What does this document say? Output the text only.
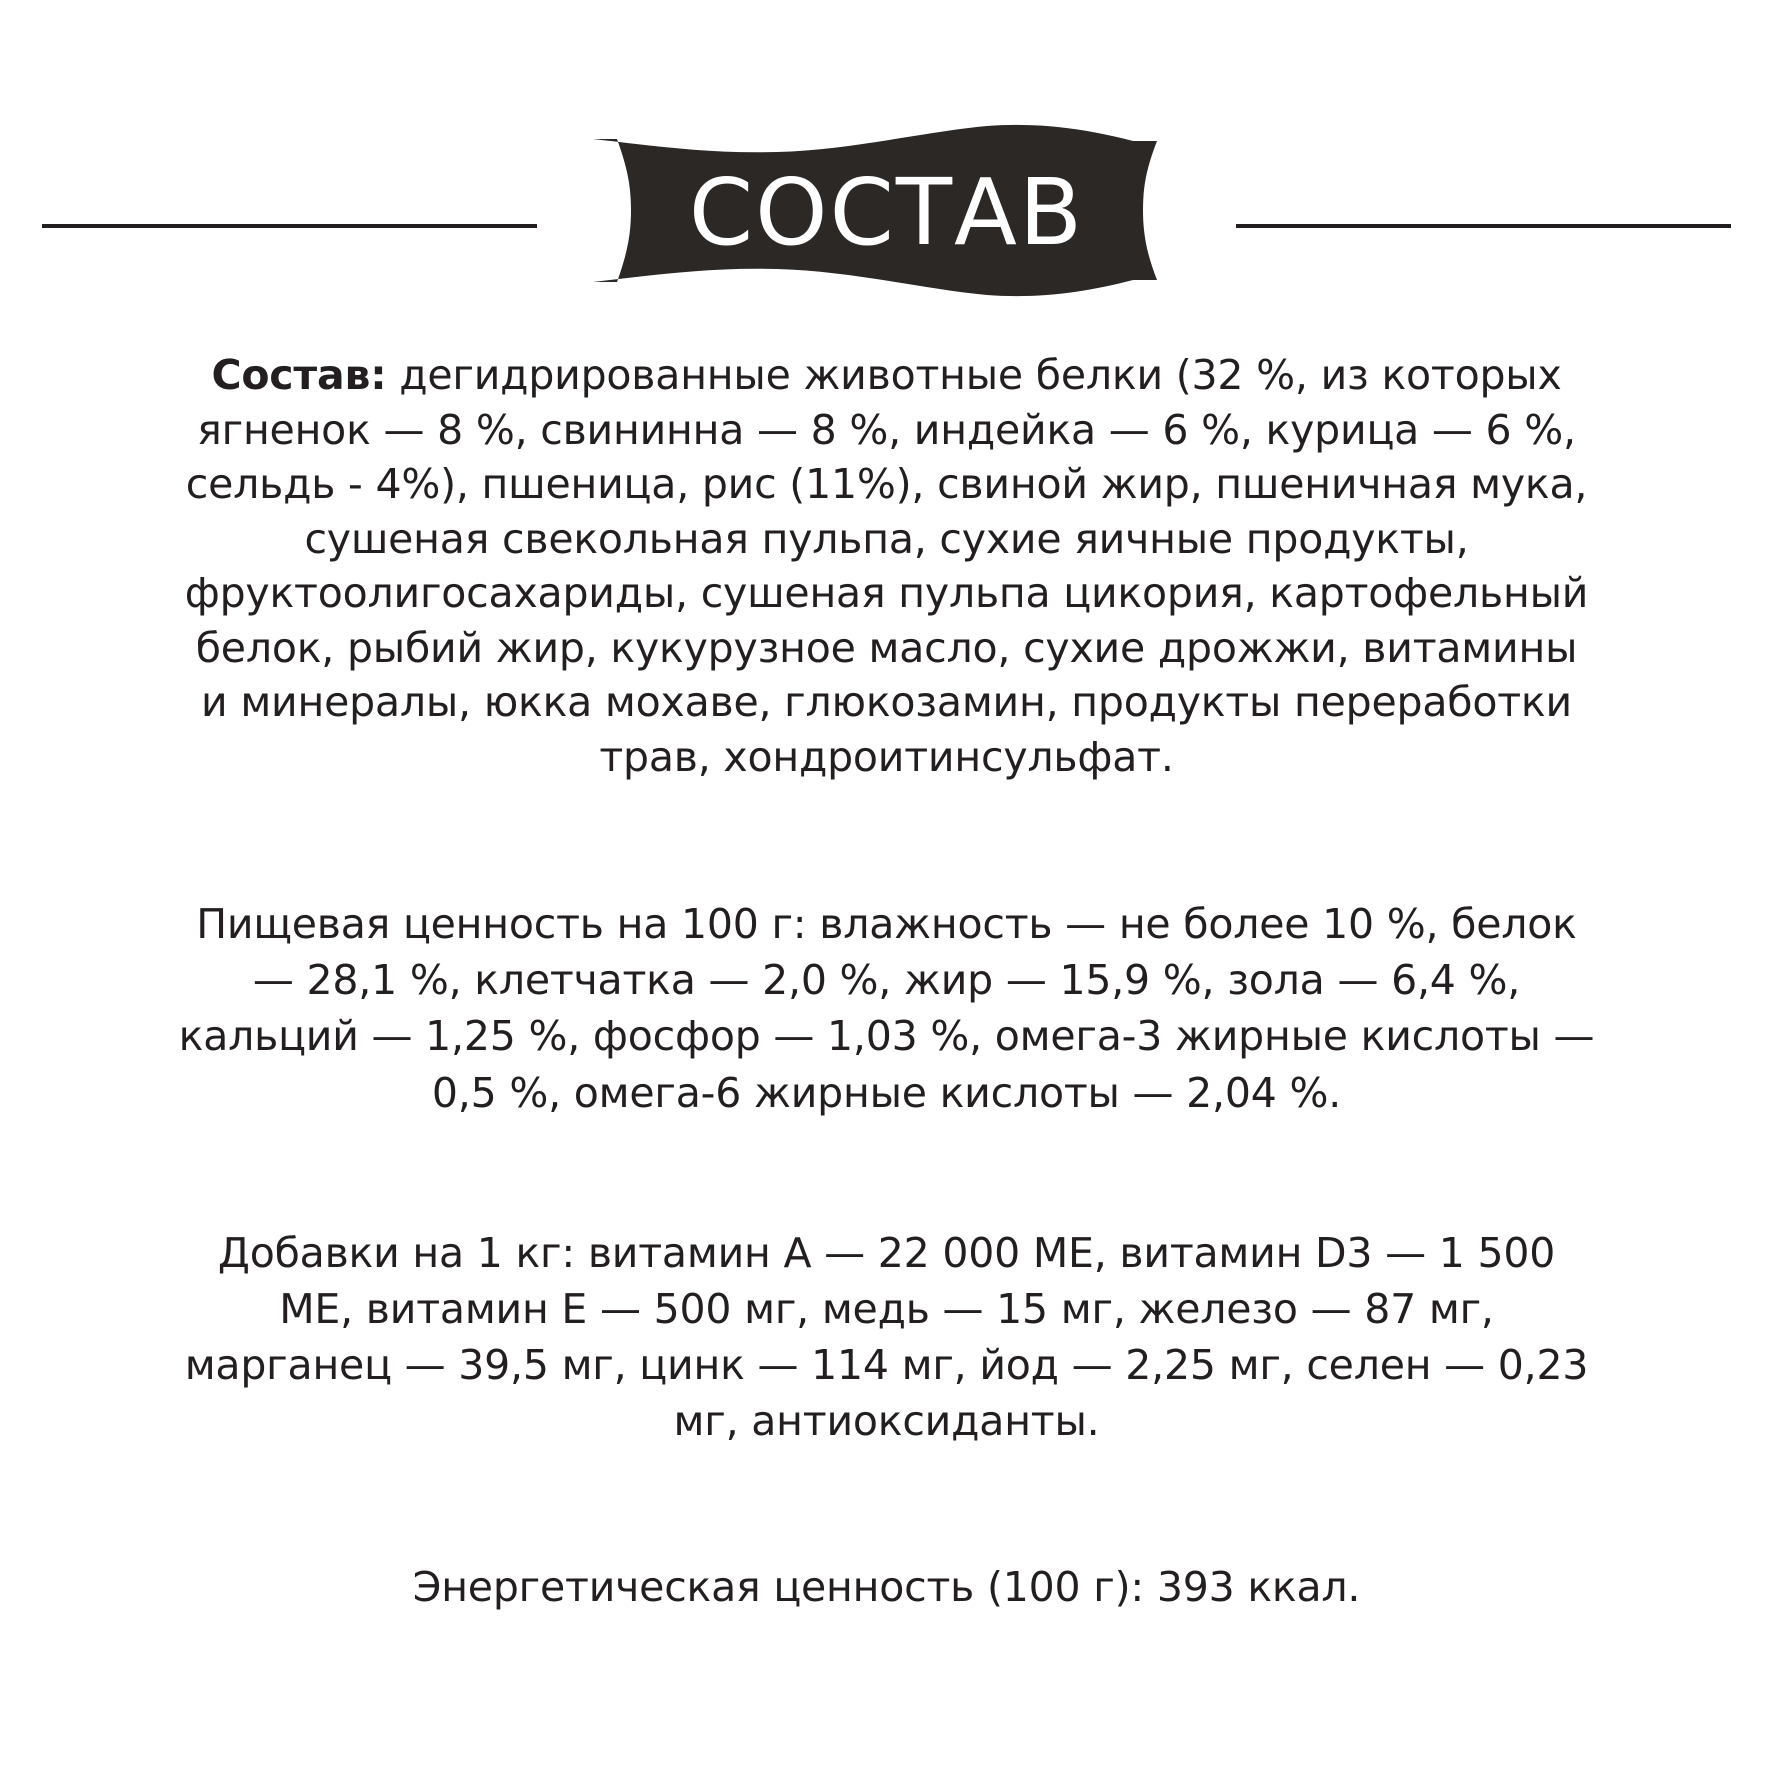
СОСТАВ

Состав: дегидрированные животные белки (32 %, из которых ягненок — 8 %, свининна — 8 %, индейка — 6 %, курица — 6 %, сельдь - 4%), пшеница, рис (11%), свиной жир, пшеничная мука, сушеная свекольная пульпа, сухие яичные продукты, фруктоолигосахариды, сушеная пульпа цикория, картофельный белок, рыбий жир, кукурузное масло, сухие дрожжи, витамины и минералы, юкка мохаве, глюкозамин, продукты переработки трав, хондроитинсульфат.

Пищевая ценность на 100 г: влажность — не более 10 %, белок — 28,1 %, клетчатка — 2,0 %, жир — 15,9 %, зола — 6,4 %, кальций — 1,25 %, фосфор — 1,03 %, омега-3 жирные кислоты — 0,5 %, омега-6 жирные кислоты — 2,04 %.

Добавки на 1 кг: витамин A — 22 000 МЕ, витамин D3 — 1 500 МЕ, витамин E — 500 мг, медь — 15 мг, железо — 87 мг, марганец — 39,5 мг, цинк — 114 мг, йод — 2,25 мг, селен — 0,23 мг, антиоксиданты.

Энергетическая ценность (100 г): 393 ккал.
